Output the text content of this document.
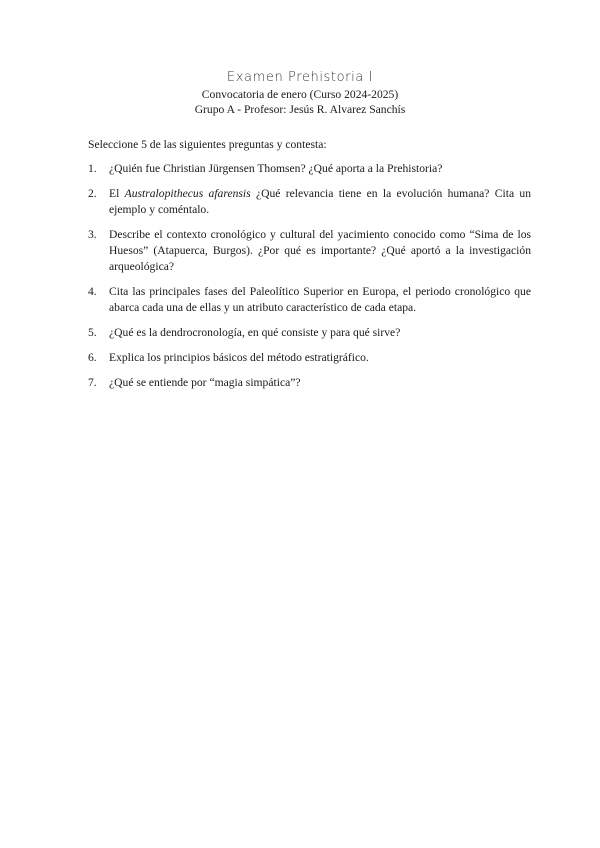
Examen Prehistoria I
Convocatoria de enero (Curso 2024-2025)
Grupo A - Profesor: Jesús R. Alvarez Sanchís
Seleccione 5 de las siguientes preguntas y contesta:
1.	¿Quién fue Christian Jürgensen Thomsen? ¿Qué aporta a la Prehistoria?
2.	El Australopithecus afarensis ¿Qué relevancia tiene en la evolución humana? Cita un ejemplo y coméntalo.
3.	Describe el contexto cronológico y cultural del yacimiento conocido como “Sima de los Huesos” (Atapuerca, Burgos). ¿Por qué es importante? ¿Qué aportó a la investigación arqueológica?
4.	Cita las principales fases del Paleolítico Superior en Europa, el periodo cronológico que abarca cada una de ellas y un atributo característico de cada etapa.
5.	¿Qué es la dendrocronología, en qué consiste y para qué sirve?
6.	Explica los principios básicos del método estratigráfico.
7.	¿Qué se entiende por “magia simpática”?
